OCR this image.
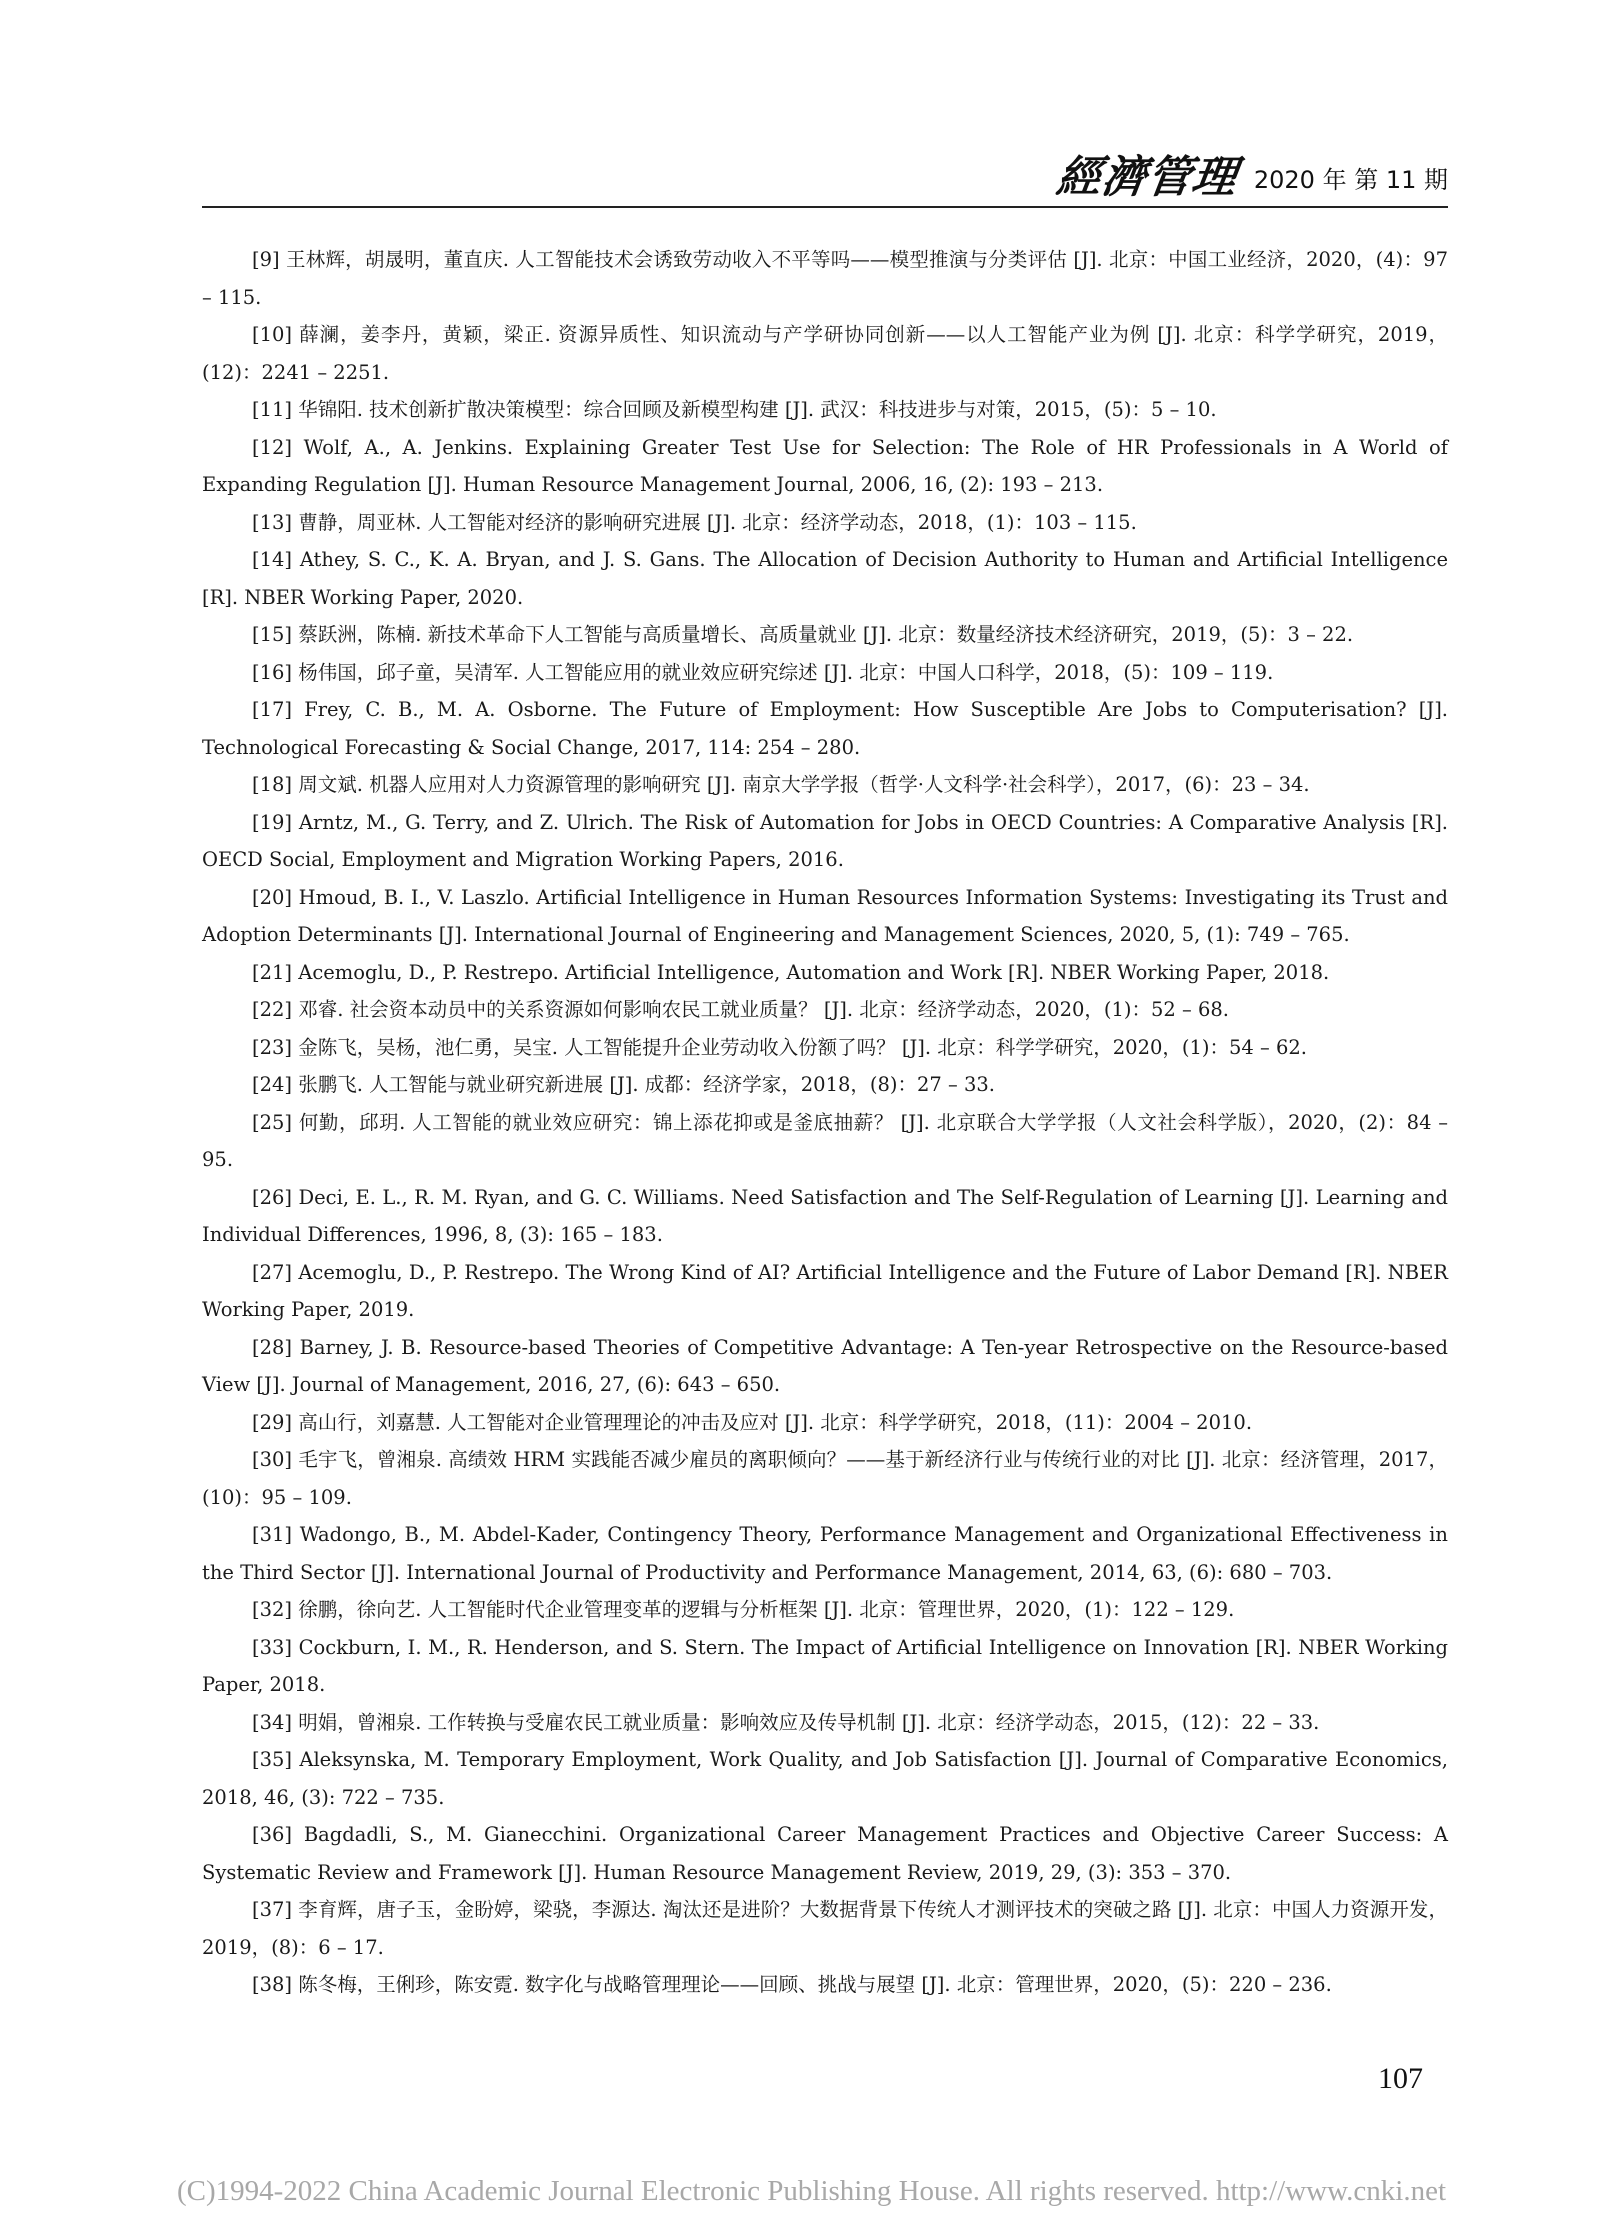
經濟管理 2020 年 第 11 期
[9] 王林辉，胡晟明，董直庆. 人工智能技术会诱致劳动收入不平等吗——模型推演与分类评估 [J]. 北京：中国工业经济，2020，(4)：97 – 115.
[10] 薛澜，姜李丹，黄颖，梁正. 资源异质性、知识流动与产学研协同创新——以人工智能产业为例 [J]. 北京：科学学研究，2019，(12)：2241 – 2251.
[11] 华锦阳. 技术创新扩散决策模型：综合回顾及新模型构建 [J]. 武汉：科技进步与对策，2015，(5)：5 – 10.
[12] Wolf, A., A. Jenkins. Explaining Greater Test Use for Selection: The Role of HR Professionals in A World of Expanding Regulation [J]. Human Resource Management Journal, 2006, 16, (2): 193 – 213.
[13] 曹静，周亚林. 人工智能对经济的影响研究进展 [J]. 北京：经济学动态，2018，(1)：103 – 115.
[14] Athey, S. C., K. A. Bryan, and J. S. Gans. The Allocation of Decision Authority to Human and Artificial Intelligence [R]. NBER Working Paper, 2020.
[15] 蔡跃洲，陈楠. 新技术革命下人工智能与高质量增长、高质量就业 [J]. 北京：数量经济技术经济研究，2019，(5)：3 – 22.
[16] 杨伟国，邱子童，吴清军. 人工智能应用的就业效应研究综述 [J]. 北京：中国人口科学，2018，(5)：109 – 119.
[17] Frey, C. B., M. A. Osborne. The Future of Employment: How Susceptible Are Jobs to Computerisation? [J]. Technological Forecasting & Social Change, 2017, 114: 254 – 280.
[18] 周文斌. 机器人应用对人力资源管理的影响研究 [J]. 南京大学学报（哲学·人文科学·社会科学），2017，(6)：23 – 34.
[19] Arntz, M., G. Terry, and Z. Ulrich. The Risk of Automation for Jobs in OECD Countries: A Comparative Analysis [R]. OECD Social, Employment and Migration Working Papers, 2016.
[20] Hmoud, B. I., V. Laszlo. Artificial Intelligence in Human Resources Information Systems: Investigating its Trust and Adoption Determinants [J]. International Journal of Engineering and Management Sciences, 2020, 5, (1): 749 – 765.
[21] Acemoglu, D., P. Restrepo. Artificial Intelligence, Automation and Work [R]. NBER Working Paper, 2018.
[22] 邓睿. 社会资本动员中的关系资源如何影响农民工就业质量？ [J]. 北京：经济学动态，2020，(1)：52 – 68.
[23] 金陈飞，吴杨，池仁勇，吴宝. 人工智能提升企业劳动收入份额了吗？ [J]. 北京：科学学研究，2020，(1)：54 – 62.
[24] 张鹏飞. 人工智能与就业研究新进展 [J]. 成都：经济学家，2018，(8)：27 – 33.
[25] 何勤，邱玥. 人工智能的就业效应研究：锦上添花抑或是釜底抽薪？ [J]. 北京联合大学学报（人文社会科学版），2020，(2)：84 – 95.
[26] Deci, E. L., R. M. Ryan, and G. C. Williams. Need Satisfaction and The Self-Regulation of Learning [J]. Learning and Individual Differences, 1996, 8, (3): 165 – 183.
[27] Acemoglu, D., P. Restrepo. The Wrong Kind of AI? Artificial Intelligence and the Future of Labor Demand [R]. NBER Working Paper, 2019.
[28] Barney, J. B. Resource-based Theories of Competitive Advantage: A Ten-year Retrospective on the Resource-based View [J]. Journal of Management, 2016, 27, (6): 643 – 650.
[29] 高山行，刘嘉慧. 人工智能对企业管理理论的冲击及应对 [J]. 北京：科学学研究，2018，(11)：2004 – 2010.
[30] 毛宇飞，曾湘泉. 高绩效 HRM 实践能否减少雇员的离职倾向？——基于新经济行业与传统行业的对比 [J]. 北京：经济管理，2017，(10)：95 – 109.
[31] Wadongo, B., M. Abdel-Kader, Contingency Theory, Performance Management and Organizational Effectiveness in the Third Sector [J]. International Journal of Productivity and Performance Management, 2014, 63, (6): 680 – 703.
[32] 徐鹏，徐向艺. 人工智能时代企业管理变革的逻辑与分析框架 [J]. 北京：管理世界，2020，(1)：122 – 129.
[33] Cockburn, I. M., R. Henderson, and S. Stern. The Impact of Artificial Intelligence on Innovation [R]. NBER Working Paper, 2018.
[34] 明娟，曾湘泉. 工作转换与受雇农民工就业质量：影响效应及传导机制 [J]. 北京：经济学动态，2015，(12)：22 – 33.
[35] Aleksynska, M. Temporary Employment, Work Quality, and Job Satisfaction [J]. Journal of Comparative Economics, 2018, 46, (3): 722 – 735.
[36] Bagdadli, S., M. Gianecchini. Organizational Career Management Practices and Objective Career Success: A Systematic Review and Framework [J]. Human Resource Management Review, 2019, 29, (3): 353 – 370.
[37] 李育辉，唐子玉，金盼婷，梁骁，李源达. 淘汰还是进阶？大数据背景下传统人才测评技术的突破之路 [J]. 北京：中国人力资源开发，2019，(8)：6 – 17.
[38] 陈冬梅，王俐珍，陈安霓. 数字化与战略管理理论——回顾、挑战与展望 [J]. 北京：管理世界，2020，(5)：220 – 236.
107
(C)1994-2022 China Academic Journal Electronic Publishing House. All rights reserved. http://www.cnki.net
